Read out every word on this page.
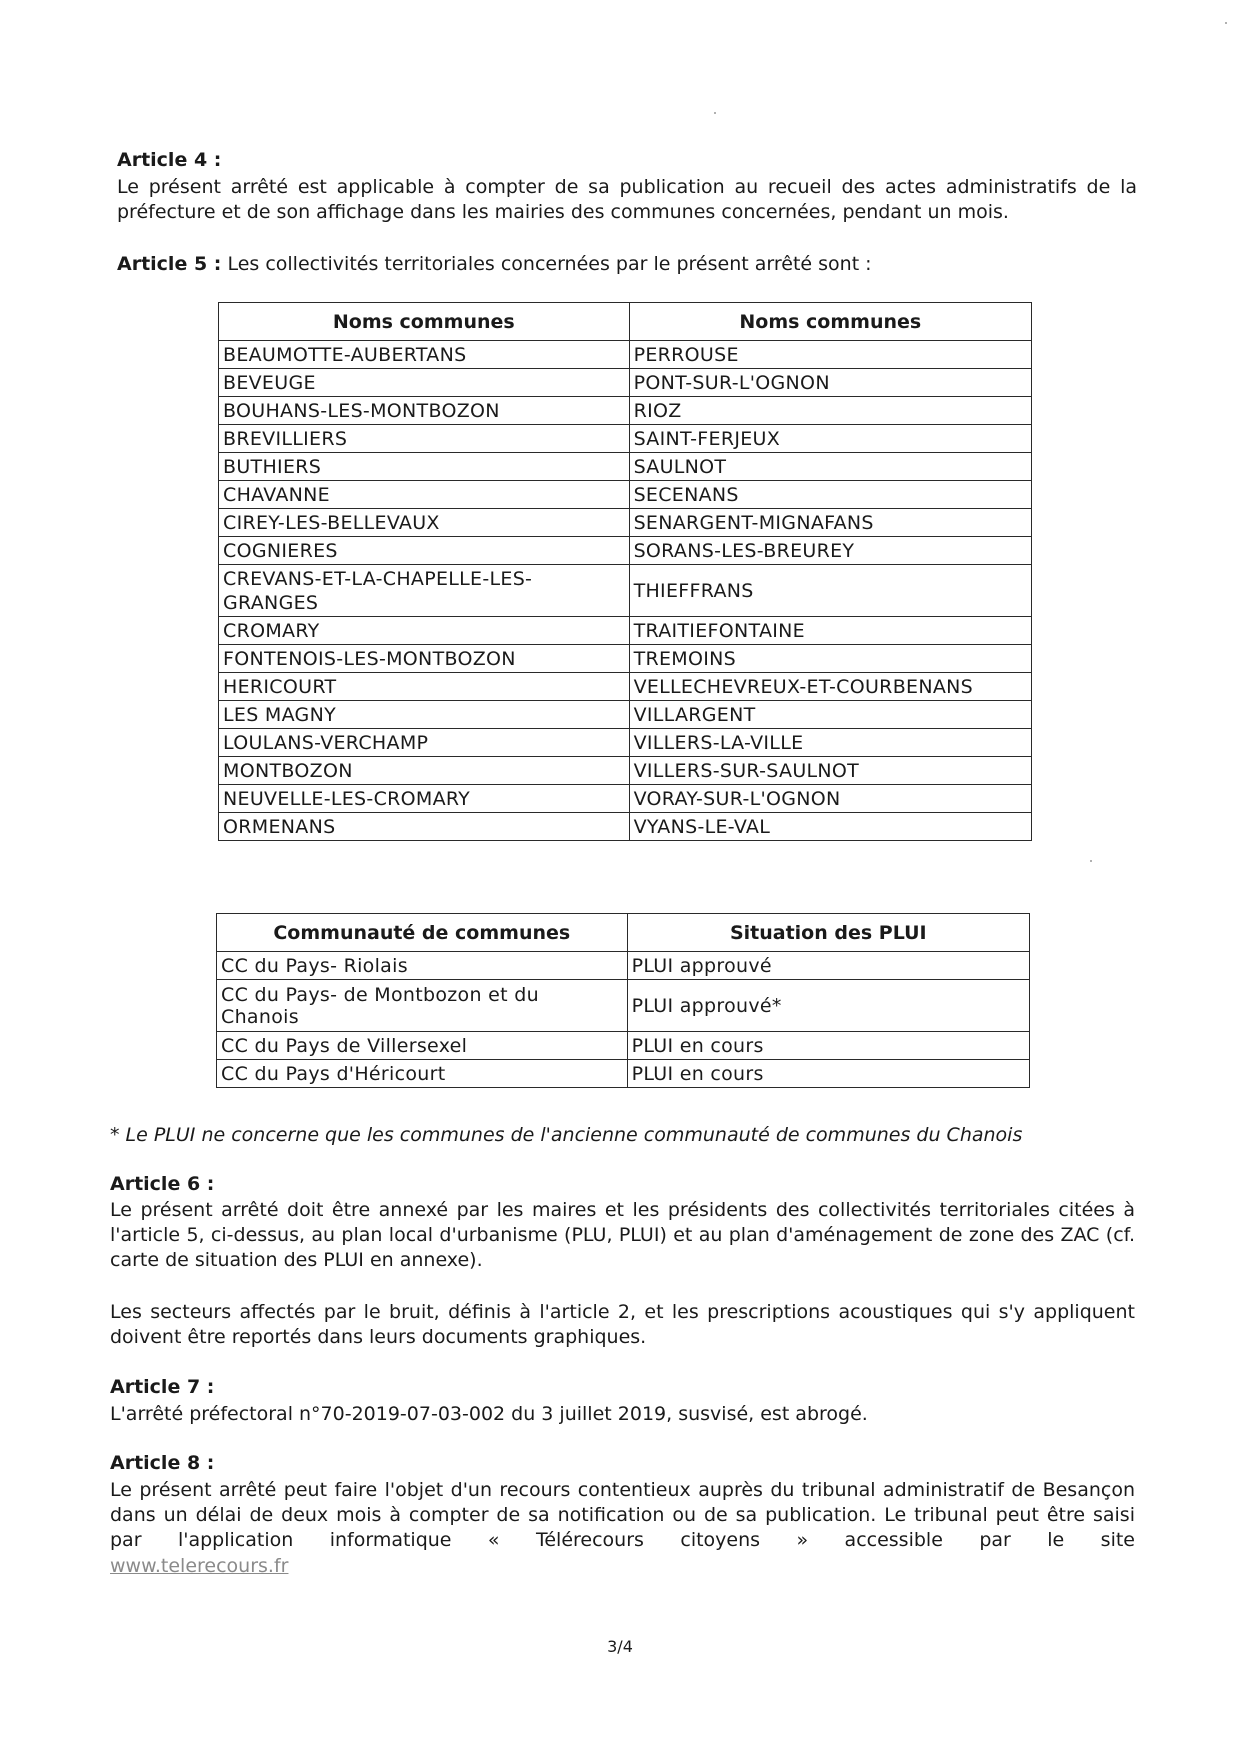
Article 4 :
Le présent arrêté est applicable à compter de sa publication au recueil des actes administratifs de la préfecture et de son affichage dans les mairies des communes concernées, pendant un mois.
Article 5 : Les collectivités territoriales concernées par le présent arrêté sont :
Noms communes	Noms communes
BEAUMOTTE-AUBERTANS	PERROUSE
BEVEUGE	PONT-SUR-L'OGNON
BOUHANS-LES-MONTBOZON	RIOZ
BREVILLIERS	SAINT-FERJEUX
BUTHIERS	SAULNOT
CHAVANNE	SECENANS
CIREY-LES-BELLEVAUX	SENARGENT-MIGNAFANS
COGNIERES	SORANS-LES-BREUREY
CREVANS-ET-LA-CHAPELLE-LES-GRANGES	THIEFFRANS
CROMARY	TRAITIEFONTAINE
FONTENOIS-LES-MONTBOZON	TREMOINS
HERICOURT	VELLECHEVREUX-ET-COURBENANS
LES MAGNY	VILLARGENT
LOULANS-VERCHAMP	VILLERS-LA-VILLE
MONTBOZON	VILLERS-SUR-SAULNOT
NEUVELLE-LES-CROMARY	VORAY-SUR-L'OGNON
ORMENANS	VYANS-LE-VAL
Communauté de communes	Situation des PLUI
CC du Pays- Riolais	PLUI approuvé
CC du Pays- de Montbozon et du Chanois	PLUI approuvé*
CC du Pays de Villersexel	PLUI en cours
CC du Pays d'Héricourt	PLUI en cours
* Le PLUI ne concerne que les communes de l'ancienne communauté de communes du Chanois
Article 6 :
Le présent arrêté doit être annexé par les maires et les présidents des collectivités territoriales citées à l'article 5, ci-dessus, au plan local d'urbanisme (PLU, PLUI) et au plan d'aménagement de zone des ZAC (cf. carte de situation des PLUI en annexe).
Les secteurs affectés par le bruit, définis à l'article 2, et les prescriptions acoustiques qui s'y appliquent doivent être reportés dans leurs documents graphiques.
Article 7 :
L'arrêté préfectoral n°70-2019-07-03-002 du 3 juillet 2019, susvisé, est abrogé.
Article 8 :
Le présent arrêté peut faire l'objet d'un recours contentieux auprès du tribunal administratif de Besançon dans un délai de deux mois à compter de sa notification ou de sa publication. Le tribunal peut être saisi par l'application informatique « Télérecours citoyens » accessible par le site
www.telerecours.fr
3/4
